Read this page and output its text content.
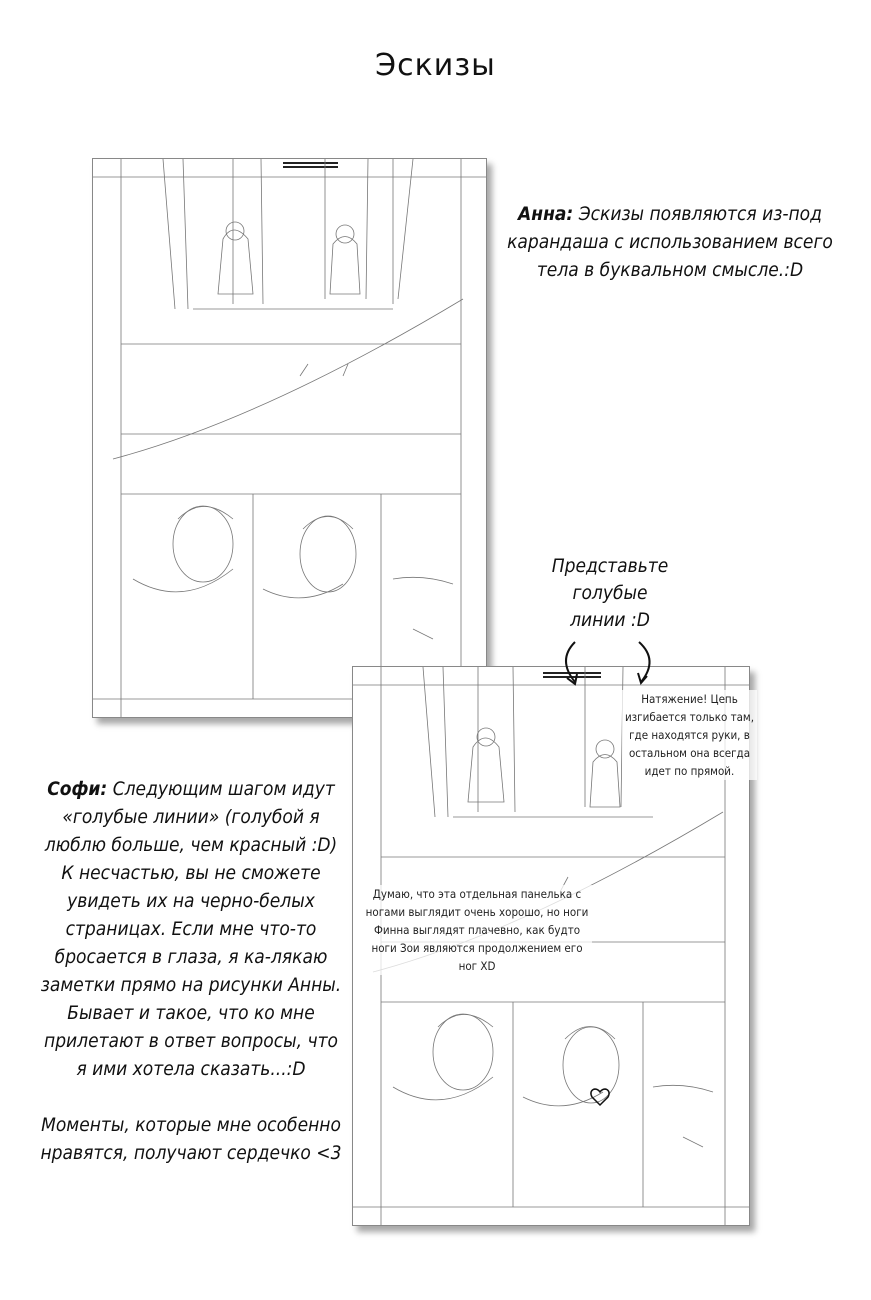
Эскизы
Натяжение! Цепь изгибается только там, где находятся руки, в остальном она всегда идет по прямой.
Думаю, что эта отдельная панелька с ногами выглядит очень хорошо, но ноги Финна выглядят плачевно, как будто ноги Зои являются продолжением его ног XD
Анна: Эскизы появляются из-под карандаша с использованием всего тела в буквальном смысле.:D
Представьте голубые линии :D

Софи: Следующим шагом идут «голубые линии» (голубой я люблю больше, чем красный :D) К несчастью, вы не сможете увидеть их на черно-белых страницах. Если мне что-то бросается в глаза, я ка-лякаю заметки прямо на рисунки Анны. Бывает и такое, что ко мне прилетают в ответ вопросы, что я ими хотела сказать...:D

Моменты, которые мне особенно нравятся, получают сердечко <3
